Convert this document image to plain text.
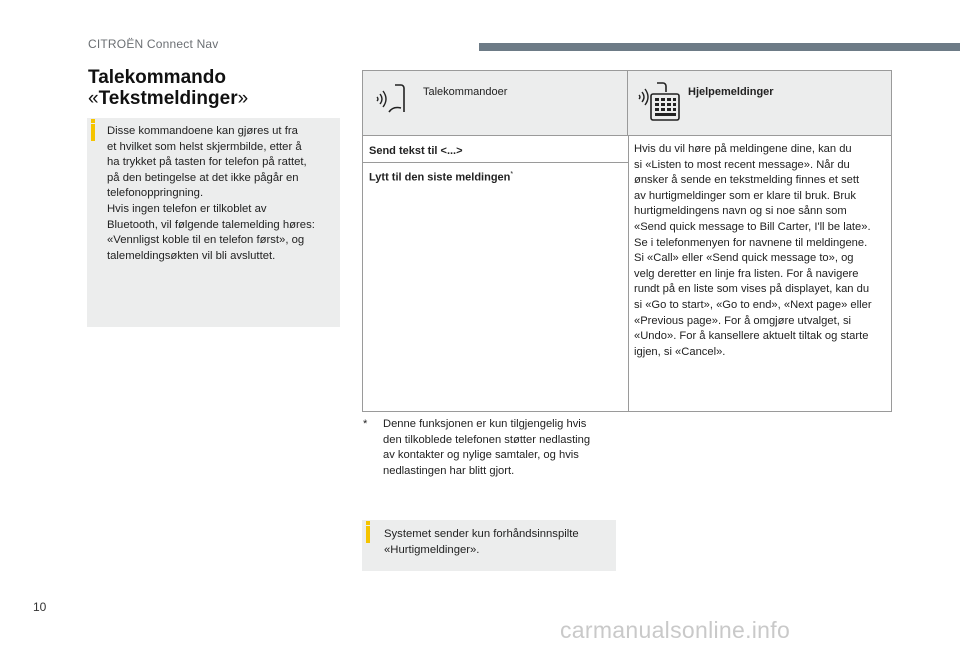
CITROËN Connect Nav
Talekommando
«Tekstmeldinger»
Disse kommandoene kan gjøres ut fra
et hvilket som helst skjermbilde, etter å
ha trykket på tasten for telefon på rattet,
på den betingelse at det ikke pågår en
telefonoppringning.
Hvis ingen telefon er tilkoblet av
Bluetooth, vil følgende talemelding høres:
«Vennligst koble til en telefon først», og
talemeldingsøkten vil bli avsluttet.
Talekommandoer	Hjelpemeldinger
Send tekst til <...>
Lytt til den siste meldingen*
Hvis du vil høre på meldingene dine, kan du
si «Listen to most recent message». Når du
ønsker å sende en tekstmelding finnes et sett
av hurtigmeldinger som er klare til bruk. Bruk
hurtigmeldingens navn og si noe sånn som
«Send quick message to Bill Carter, I'll be late».
Se i telefonmenyen for navnene til meldingene.
Si «Call» eller «Send quick message to», og
velg deretter en linje fra listen. For å navigere
rundt på en liste som vises på displayet, kan du
si «Go to start», «Go to end», «Next page» eller
«Previous page». For å omgjøre utvalget, si
«Undo». For å kansellere aktuelt tiltak og starte
igjen, si «Cancel».
* Denne funksjonen er kun tilgjengelig hvis
den tilkoblede telefonen støtter nedlasting
av kontakter og nylige samtaler, og hvis
nedlastingen har blitt gjort.
Systemet sender kun forhåndsinnspilte
«Hurtigmeldinger».
10
carmanualsonline.info
